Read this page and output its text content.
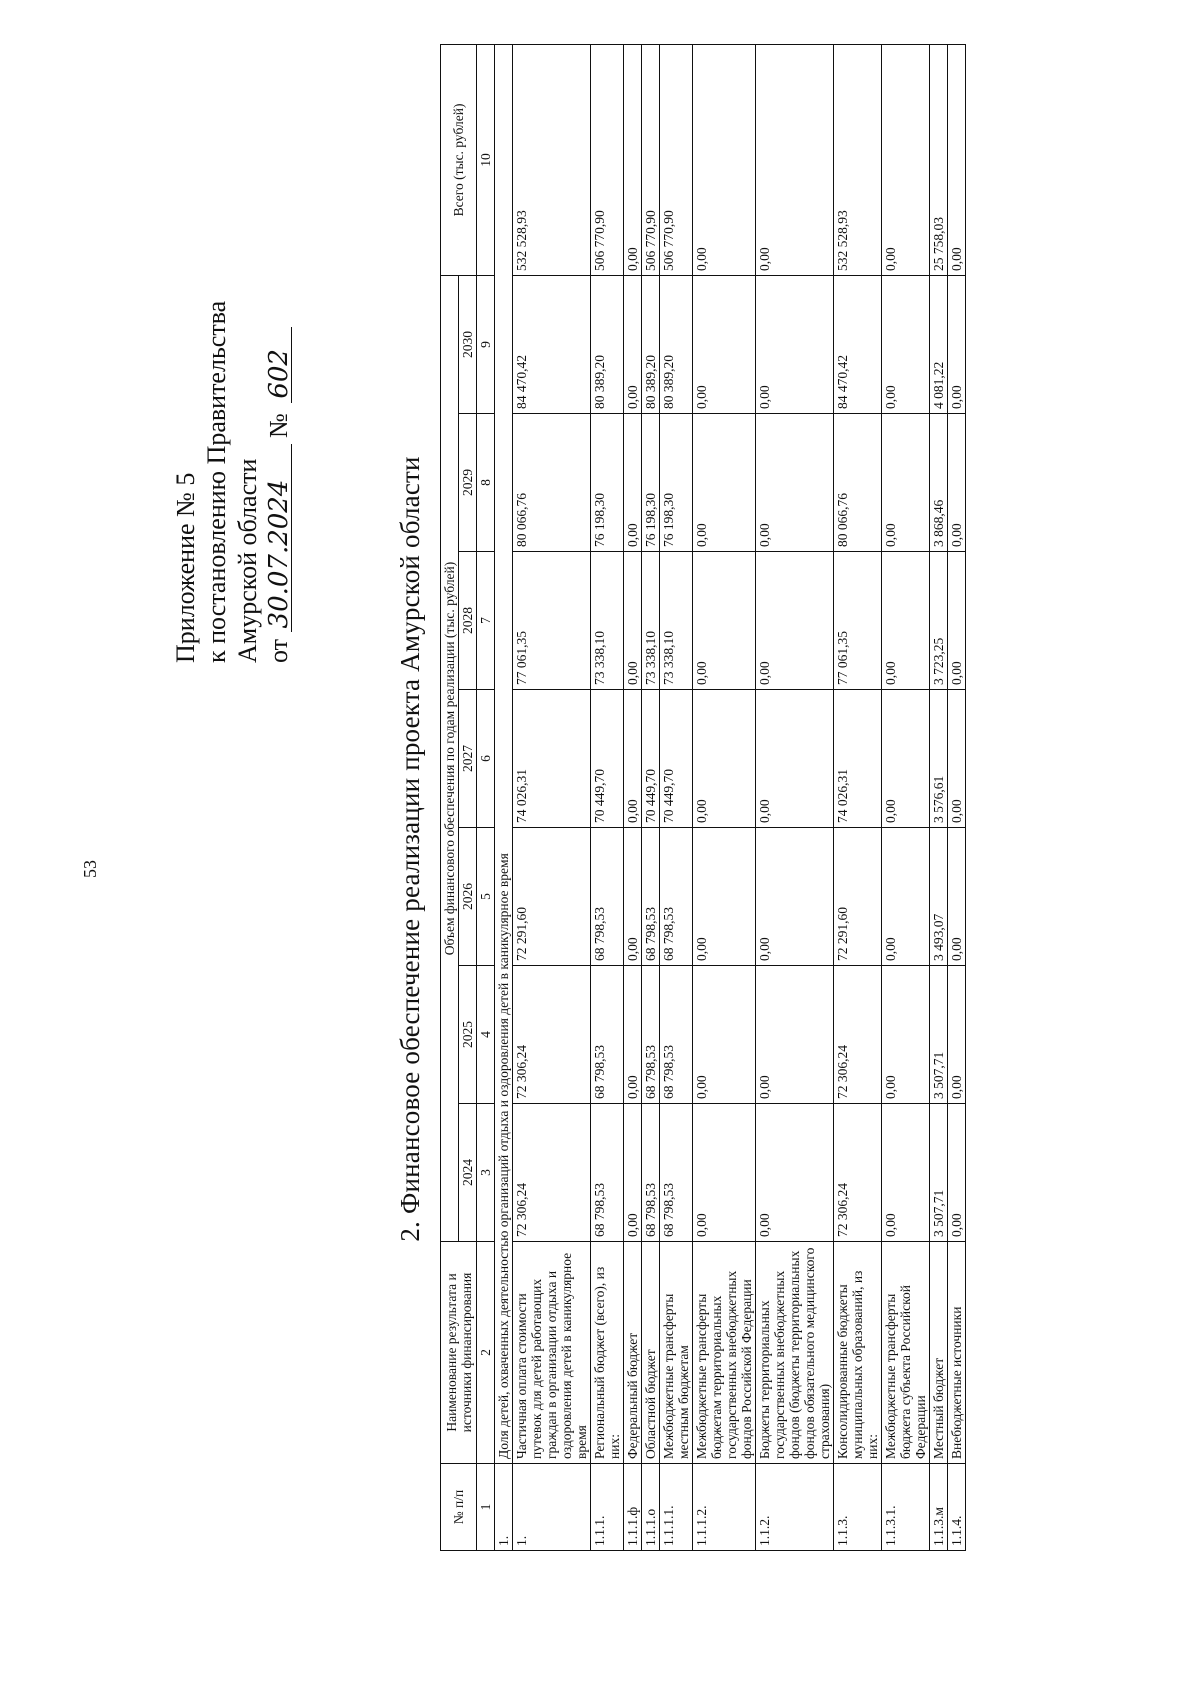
53
Приложение № 5 к постановлению Правительства Амурской области от 30.07.2024 № 602
2. Финансовое обеспечение реализации проекта Амурской области
№ п/п	Наименование результата и источники финансирования	Объем финансового обеспечения по годам реализации (тыс. рублей)							Всего (тыс. рублей)
		2024	2025	2026	2027	2028	2029	2030	
1	2	3	4	5	6	7	8	9	10
1.	Доля детей, охваченных деятельностью организаций отдыха и оздоровления детей в каникулярное время								
1.	Частичная оплата стоимости путевок для детей работающих граждан в организации отдыха и оздоровления детей в каникулярное время	72 306,24	72 306,24	72 291,60	74 026,31	77 061,35	80 066,76	84 470,42	532 528,93
1.1.1.	Региональный бюджет (всего), из них:	68 798,53	68 798,53	68 798,53	70 449,70	73 338,10	76 198,30	80 389,20	506 770,90
1.1.1.ф	Федеральный бюджет	0,00	0,00	0,00	0,00	0,00	0,00	0,00	0,00
1.1.1.о	Областной бюджет	68 798,53	68 798,53	68 798,53	70 449,70	73 338,10	76 198,30	80 389,20	506 770,90
1.1.1.1.	Межбюджетные трансферты местным бюджетам	68 798,53	68 798,53	68 798,53	70 449,70	73 338,10	76 198,30	80 389,20	506 770,90
1.1.1.2.	Межбюджетные трансферты бюджетам территориальных государственных внебюджетных фондов Российской Федерации	0,00	0,00	0,00	0,00	0,00	0,00	0,00	0,00
1.1.2.	Бюджеты территориальных государственных внебюджетных фондов (бюджеты территориальных фондов обязательного медицинского страхования)	0,00	0,00	0,00	0,00	0,00	0,00	0,00	0,00
1.1.3.	Консолидированные бюджеты муниципальных образований, из них:	72 306,24	72 306,24	72 291,60	74 026,31	77 061,35	80 066,76	84 470,42	532 528,93
1.1.3.1.	Межбюджетные трансферты бюджета субъекта Российской Федерации	0,00	0,00	0,00	0,00	0,00	0,00	0,00	0,00
1.1.3.м	Местный бюджет	3 507,71	3 507,71	3 493,07	3 576,61	3 723,25	3 868,46	4 081,22	25 758,03
1.1.4.	Внебюджетные источники	0,00	0,00	0,00	0,00	0,00	0,00	0,00	0,00
